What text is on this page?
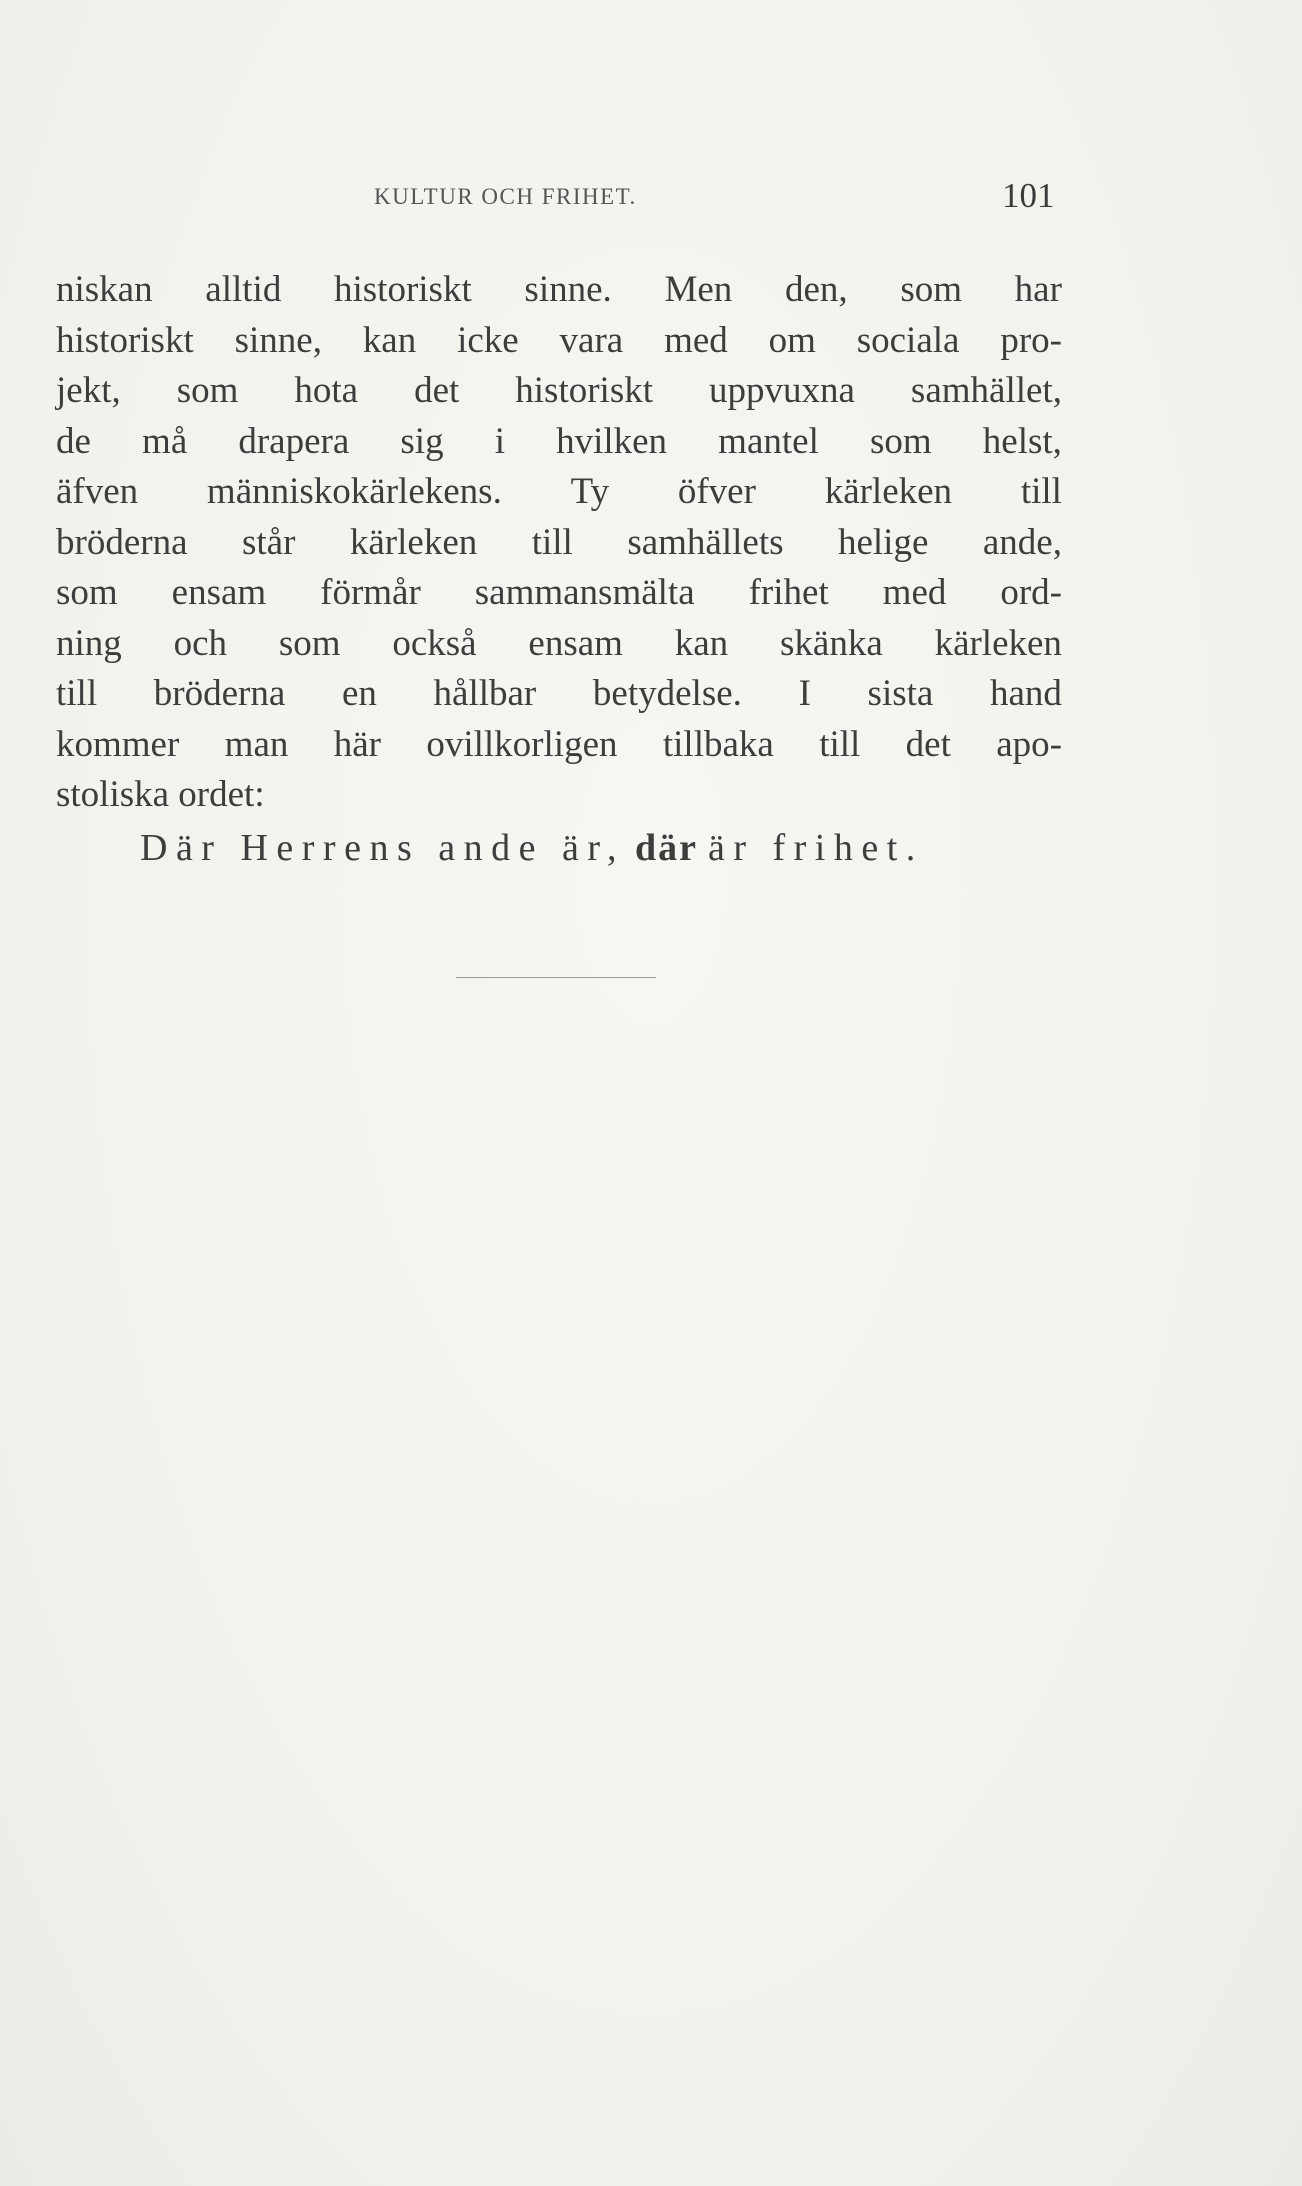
KULTUR OCH FRIHET.	101
niskan alltid historiskt sinne. Men den, som har
historiskt sinne, kan icke vara med om sociala pro-
jekt, som hota det historiskt uppvuxna samhället,
de må drapera sig i hvilken mantel som helst,
äfven människokärlekens. Ty öfver kärleken till
bröderna står kärleken till samhällets helige ande,
som ensam förmår sammansmälta frihet med ord-
ning och som också ensam kan skänka kärleken
till bröderna en hållbar betydelse. I sista hand
kommer man här ovillkorligen tillbaka till det apo-
stoliska ordet:
Där Herrens ande är, där är frihet.
